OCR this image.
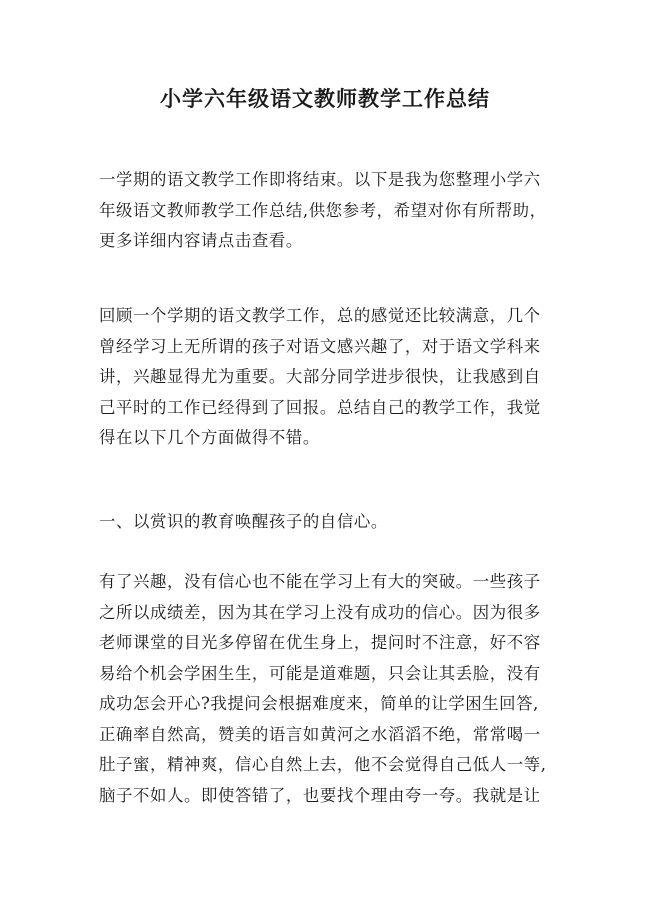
小学六年级语文教师教学工作总结
一学期的语文教学工作即将结束。以下是我为您整理小学六
年级语文教师教学工作总结,供您参考，希望对你有所帮助，
更多详细内容请点击查看。
回顾一个学期的语文教学工作，总的感觉还比较满意，几个
曾经学习上无所谓的孩子对语文感兴趣了，对于语文学科来
讲，兴趣显得尤为重要。大部分同学进步很快，让我感到自
己平时的工作已经得到了回报。总结自己的教学工作，我觉
得在以下几个方面做得不错。
一、以赏识的教育唤醒孩子的自信心。
有了兴趣，没有信心也不能在学习上有大的突破。一些孩子
之所以成绩差，因为其在学习上没有成功的信心。因为很多
老师课堂的目光多停留在优生身上，提问时不注意，好不容
易给个机会学困生生，可能是道难题，只会让其丢脸，没有
成功怎会开心?我提问会根据难度来，简单的让学困生回答,
正确率自然高，赞美的语言如黄河之水滔滔不绝，常常喝一
肚子蜜，精神爽，信心自然上去，他不会觉得自己低人一等,
脑子不如人。即使答错了，也要找个理由夸一夸。我就是让
